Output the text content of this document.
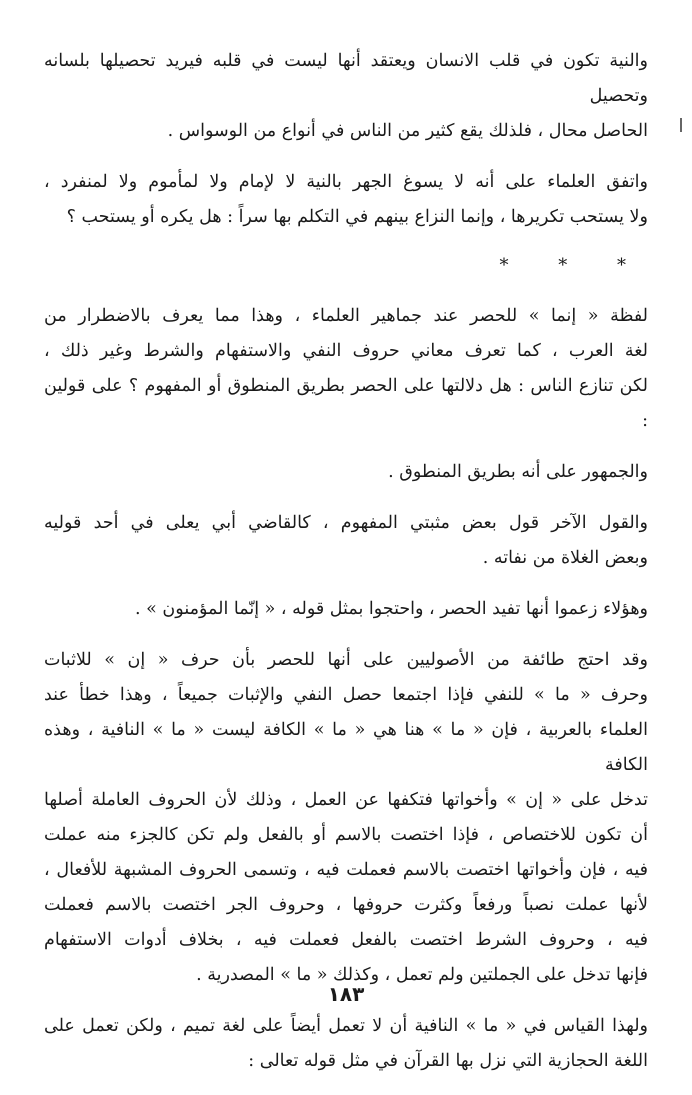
والنية تكون في قلب الانسان ويعتقد أنها ليست في قلبه فيريد تحصيلها بلسانه وتحصيل
الحاصل محال ، فلذلك يقع كثير من الناس في أنواع من الوسواس .
واتفق العلماء على أنه لا يسوغ الجهر بالنية لا لإمام ولا لمأموم ولا لمنفرد ،
ولا يستحب تكريرها ، وإنما النزاع بينهم في التكلم بها سراً : هل يكره أو يستحب ؟
* * *
لفظة « إنما » للحصر عند جماهير العلماء ، وهذا مما يعرف بالاضطرار من
لغة العرب ، كما تعرف معاني حروف النفي والاستفهام والشرط وغير ذلك ،
لكن تنازع الناس : هل دلالتها على الحصر بطريق المنطوق أو المفهوم ؟ على قولين :
والجمهور على أنه بطريق المنطوق .
والقول الآخر قول بعض مثبتي المفهوم ، كالقاضي أبي يعلى في أحد قوليه
وبعض الغلاة من نفاته .
وهؤلاء زعموا أنها تفيد الحصر ، واحتجوا بمثل قوله ، « إنّما المؤمنون » .
وقد احتج طائفة من الأصوليين على أنها للحصر بأن حرف « إن » للاثبات
وحرف « ما » للنفي فإذا اجتمعا حصل النفي والإثبات جميعاً ، وهذا خطأ عند
العلماء بالعربية ، فإن « ما » هنا هي « ما » الكافة ليست « ما » النافية ، وهذه الكافة
تدخل على « إن » وأخواتها فتكفها عن العمل ، وذلك لأن الحروف العاملة أصلها
أن تكون للاختصاص ، فإذا اختصت بالاسم أو بالفعل ولم تكن كالجزء منه عملت
فيه ، فإن وأخواتها اختصت بالاسم فعملت فيه ، وتسمى الحروف المشبهة للأفعال ،
لأنها عملت نصباً ورفعاً وكثرت حروفها ، وحروف الجر اختصت بالاسم فعملت
فيه ، وحروف الشرط اختصت بالفعل فعملت فيه ، بخلاف أدوات الاستفهام
فإنها تدخل على الجملتين ولم تعمل ، وكذلك « ما » المصدرية .
ولهذا القياس في « ما » النافية أن لا تعمل أيضاً على لغة تميم ، ولكن تعمل على
اللغة الحجازية التي نزل بها القرآن في مثل قوله تعالى :
١٨٣
